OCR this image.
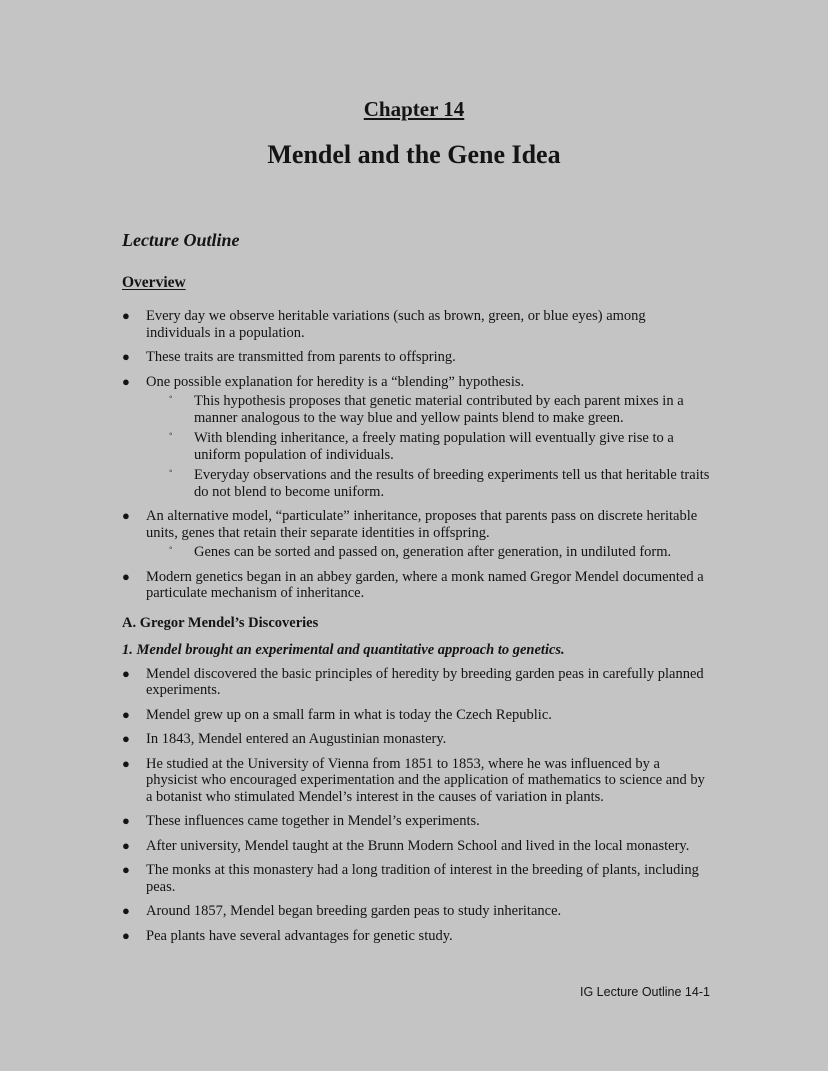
Chapter 14
Mendel and the Gene Idea
Lecture Outline
Overview
● Every day we observe heritable variations (such as brown, green, or blue eyes) among individuals in a population.
● These traits are transmitted from parents to offspring.
● One possible explanation for heredity is a “blending” hypothesis.
◦ This hypothesis proposes that genetic material contributed by each parent mixes in a manner analogous to the way blue and yellow paints blend to make green.
◦ With blending inheritance, a freely mating population will eventually give rise to a uniform population of individuals.
◦ Everyday observations and the results of breeding experiments tell us that heritable traits do not blend to become uniform.
● An alternative model, “particulate” inheritance, proposes that parents pass on discrete heritable units, genes that retain their separate identities in offspring.
◦ Genes can be sorted and passed on, generation after generation, in undiluted form.
● Modern genetics began in an abbey garden, where a monk named Gregor Mendel documented a particulate mechanism of inheritance.
A. Gregor Mendel’s Discoveries
1. Mendel brought an experimental and quantitative approach to genetics.
● Mendel discovered the basic principles of heredity by breeding garden peas in carefully planned experiments.
● Mendel grew up on a small farm in what is today the Czech Republic.
● In 1843, Mendel entered an Augustinian monastery.
● He studied at the University of Vienna from 1851 to 1853, where he was influenced by a physicist who encouraged experimentation and the application of mathematics to science and by a botanist who stimulated Mendel’s interest in the causes of variation in plants.
● These influences came together in Mendel’s experiments.
● After university, Mendel taught at the Brunn Modern School and lived in the local monastery.
● The monks at this monastery had a long tradition of interest in the breeding of plants, including peas.
● Around 1857, Mendel began breeding garden peas to study inheritance.
● Pea plants have several advantages for genetic study.
IG Lecture Outline 14-1
